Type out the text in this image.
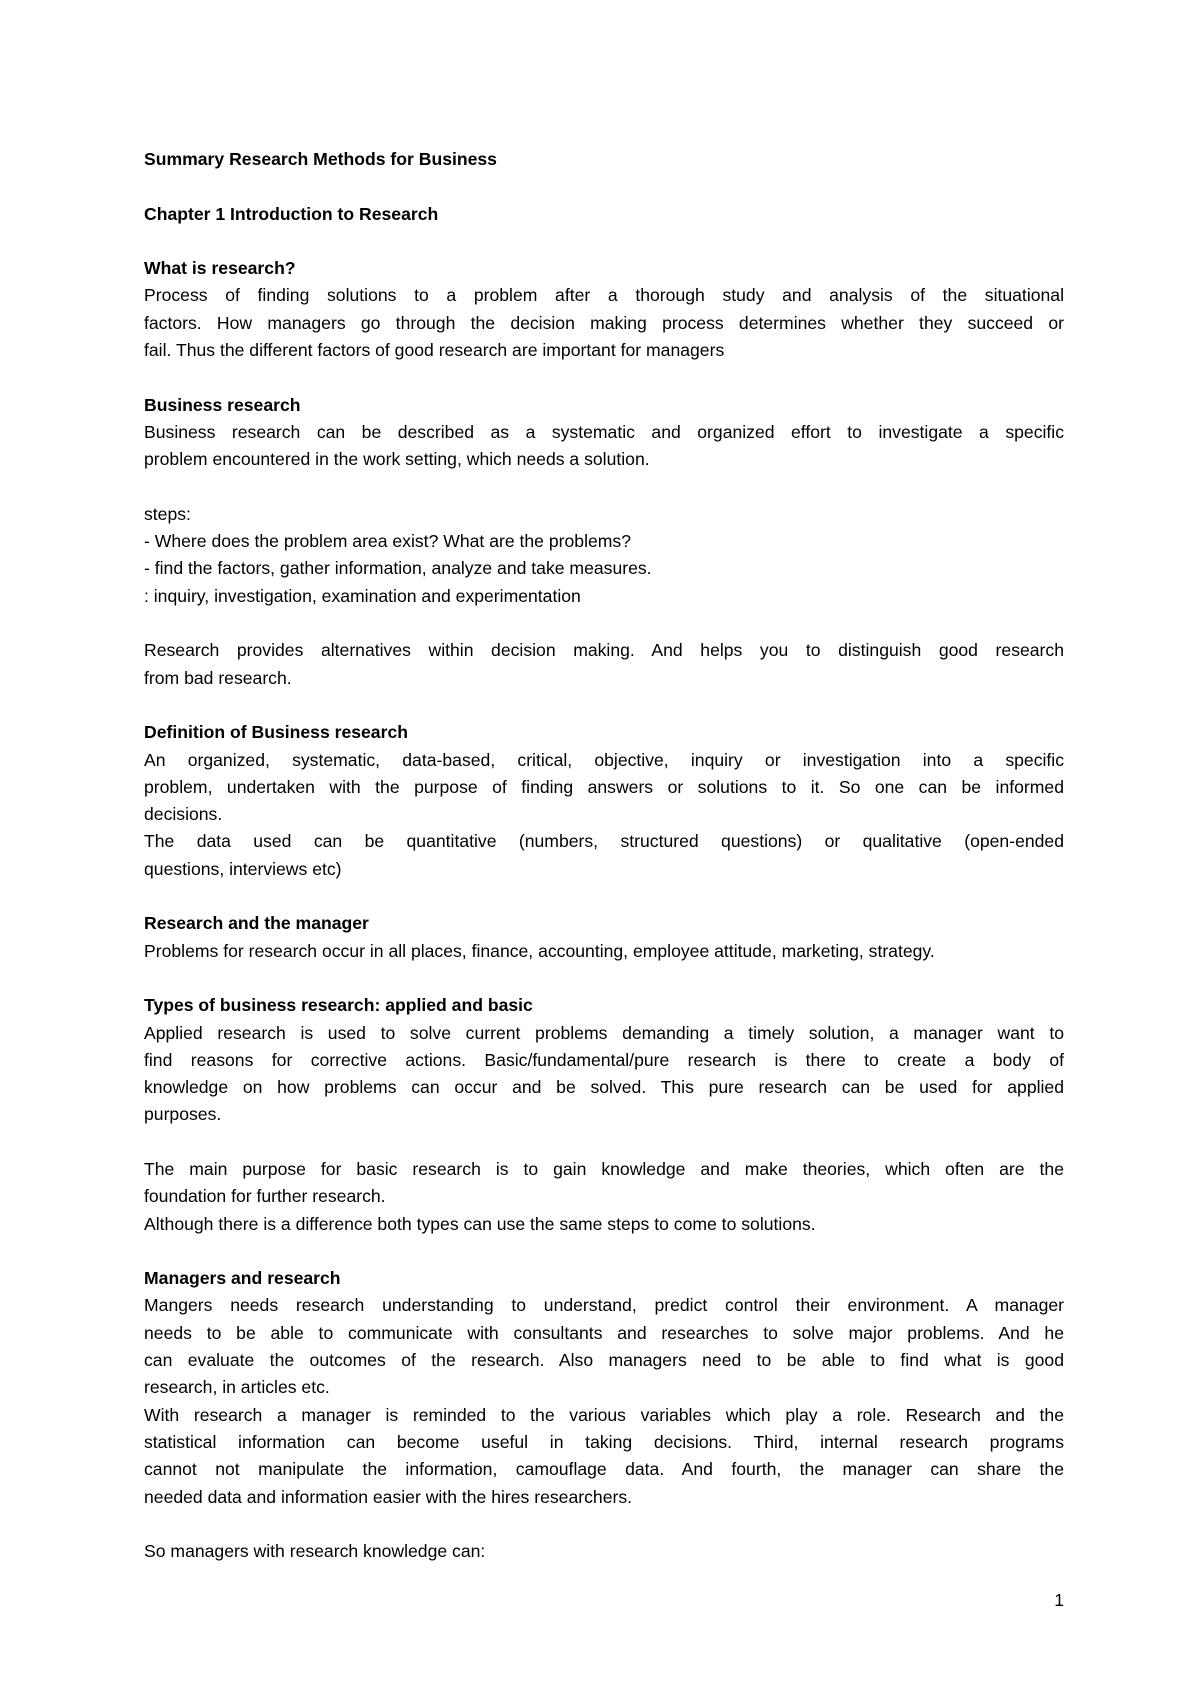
Summary Research Methods for Business
Chapter 1 Introduction to Research
What is research?
Process of finding solutions to a problem after a thorough study and analysis of the situational
factors. How managers go through the decision making process determines whether they succeed or
fail. Thus the different factors of good research are important for managers
Business research
Business research can be described as a systematic and organized effort to investigate a specific
problem encountered in the work setting, which needs a solution.
steps:
- Where does the problem area exist? What are the problems?
- find the factors, gather information, analyze and take measures.
: inquiry, investigation, examination and experimentation
Research provides alternatives within decision making. And helps you to distinguish good research
from bad research.
Definition of Business research
An organized, systematic, data-based, critical, objective, inquiry or investigation into a specific
problem, undertaken with the purpose of finding answers or solutions to it. So one can be informed
decisions.
The data used can be quantitative (numbers, structured questions) or qualitative (open-ended
questions, interviews etc)
Research and the manager
Problems for research occur in all places, finance, accounting, employee attitude, marketing, strategy.
Types of business research: applied and basic
Applied research is used to solve current problems demanding a timely solution, a manager want to
find reasons for corrective actions. Basic/fundamental/pure research is there to create a body of
knowledge on how problems can occur and be solved. This pure research can be used for applied
purposes.
The main purpose for basic research is to gain knowledge and make theories, which often are the
foundation for further research.
Although there is a difference both types can use the same steps to come to solutions.
Managers and research
Mangers needs research understanding to understand, predict control their environment. A manager
needs to be able to communicate with consultants and researches to solve major problems. And he
can evaluate the outcomes of the research. Also managers need to be able to find what is good
research, in articles etc.
With research a manager is reminded to the various variables which play a role. Research and the
statistical information can become useful in taking decisions. Third, internal research programs
cannot not manipulate the information, camouflage data. And fourth, the manager can share the
needed data and information easier with the hires researchers.
So managers with research knowledge can:
1
